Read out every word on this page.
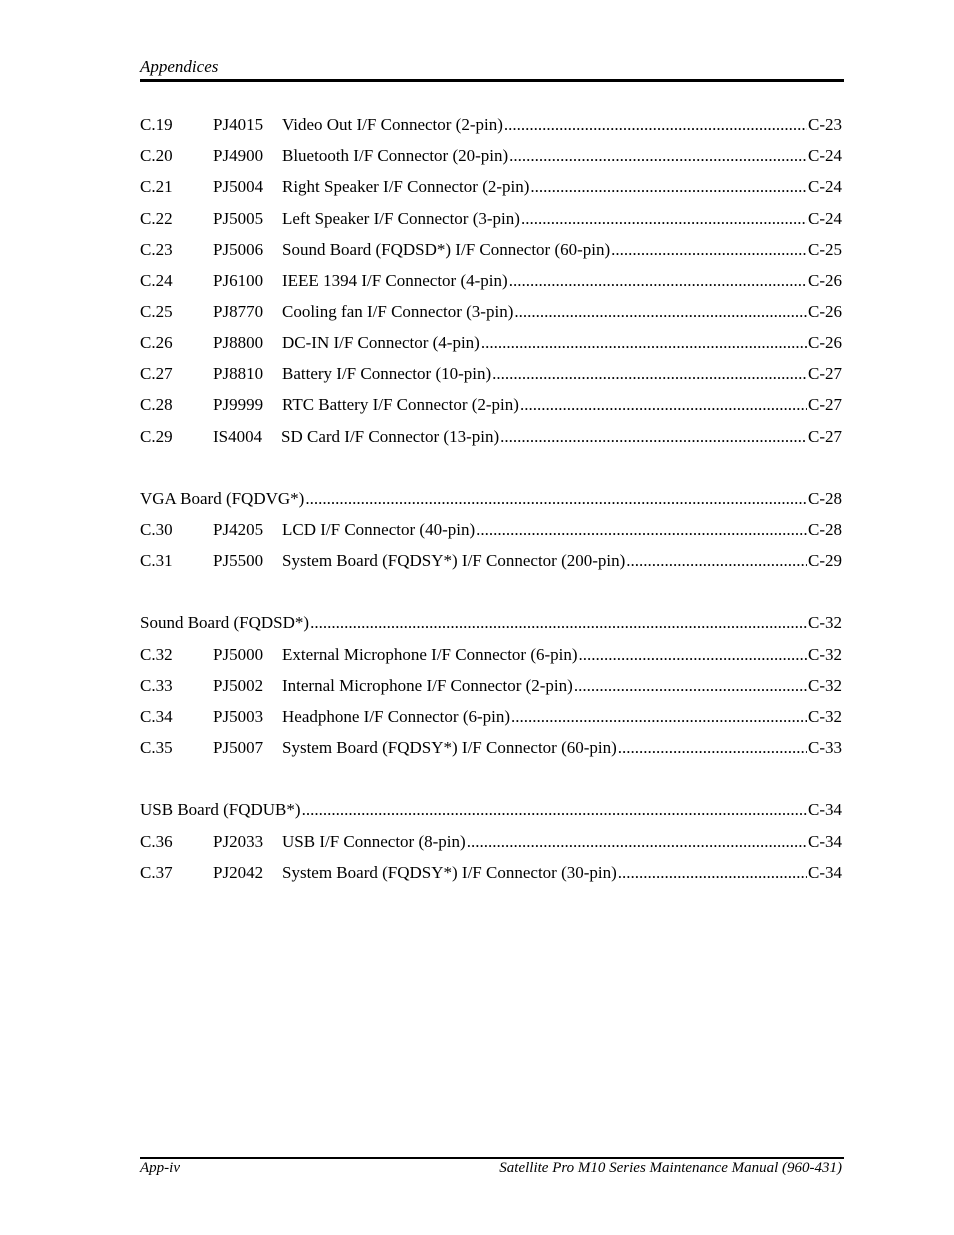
Appendices
C.19	PJ4015	Video Out I/F Connector (2-pin) .....	C-23
C.20	PJ4900	Bluetooth I/F Connector (20-pin) .....	C-24
C.21	PJ5004	Right Speaker I/F Connector (2-pin) .....	C-24
C.22	PJ5005	Left Speaker I/F Connector (3-pin) .....	C-24
C.23	PJ5006	Sound Board (FQDSD*) I/F Connector (60-pin) .....	C-25
C.24	PJ6100	IEEE 1394 I/F Connector (4-pin) .....	C-26
C.25	PJ8770	Cooling fan I/F Connector (3-pin) .....	C-26
C.26	PJ8800	DC-IN I/F Connector (4-pin) .....	C-26
C.27	PJ8810	Battery I/F Connector (10-pin) .....	C-27
C.28	PJ9999	RTC Battery I/F Connector (2-pin) .....	C-27
C.29	IS4004	SD Card I/F Connector (13-pin) .....	C-27
VGA Board (FQDVG*) .....	C-28
C.30	PJ4205	LCD I/F Connector (40-pin) .....	C-28
C.31	PJ5500	System Board (FQDSY*) I/F Connector (200-pin) .....	C-29
Sound Board (FQDSD*) .....	C-32
C.32	PJ5000	External Microphone I/F Connector (6-pin) .....	C-32
C.33	PJ5002	Internal Microphone I/F Connector (2-pin) .....	C-32
C.34	PJ5003	Headphone I/F Connector (6-pin) .....	C-32
C.35	PJ5007	System Board (FQDSY*) I/F Connector (60-pin) .....	C-33
USB Board (FQDUB*) .....	C-34
C.36	PJ2033	USB I/F Connector (8-pin) .....	C-34
C.37	PJ2042	System Board (FQDSY*) I/F Connector (30-pin) .....	C-34
App-iv	Satellite Pro M10 Series Maintenance Manual (960-431)
